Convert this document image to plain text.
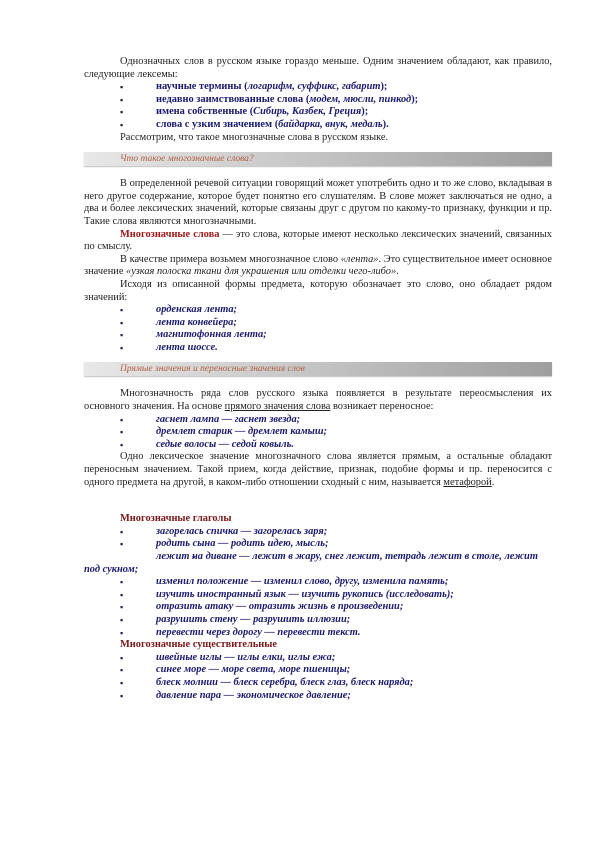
Однозначных слов в русском языке гораздо меньше. Одним значением обладают, как правило, следующие лексемы:

▪ научные термины (логарифм, суффикс, габарит);
▪ недавно заимствованные слова (модем, мюсли, пинкод);
▪ имена собственные (Сибирь, Казбек, Греция);
▪ слова с узким значением (байдарка, внук, медаль).

Рассмотрим, что такое многозначные слова в русском языке.

Что такое многозначные слова?

В определенной речевой ситуации говорящий может употребить одно и то же слово, вкладывая в него другое содержание, которое будет понятно его слушателям. В слове может заключаться не одно, а два и более лексических значений, которые связаны друг с другом по какому-то признаку, функции и пр. Такие слова являются многозначными.

Многозначные слова — это слова, которые имеют несколько лексических значений, связанных по смыслу.

В качестве примера возьмем многозначное слово «лента». Это существительное имеет основное значение «узкая полоска ткани для украшения или отделки чего-либо».

Исходя из описанной формы предмета, которую обозначает это слово, оно обладает рядом значений:

▪ орденская лента;
▪ лента конвейера;
▪ магнитофонная лента;
▪ лента шоссе.
Прямые значения и переносные значения слов

Многозначность ряда слов русского языка появляется в результате переосмысления их основного значения. На основе прямого значения слова возникает переносное:

▪ гаснет лампа — гаснет звезда;
▪ дремлет старик — дремлет камыш;
▪ седые волосы — седой ковыль.

Одно лексическое значение многозначного слова является прямым, а остальные обладают переносным значением. Такой прием, когда действие, признак, подобие формы и пр. переносится с одного предмета на другой, в каком-либо отношении сходный с ним, называется метафорой.

Многозначные глаголы

▪ загорелась спичка — загорелась заря;
▪ родить сына — родить идею, мысль;
▪ лежит на диване — лежит в жару, снег лежит, тетрадь лежит в столе, лежит под сукном;
▪ изменил положение — изменил слово, другу, изменила память;
▪ изучить иностранный язык — изучить рукопись (исследовать);
▪ отразить атаку — отразить жизнь в произведении;
▪ разрушить стену — разрушить иллюзии;
▪ перевести через дорогу — перевести текст.

Многозначные существительные

▪ швейные иглы — иглы елки, иглы ежа;
▪ синее море — море света, море пшеницы;
▪ блеск молнии — блеск серебра, блеск глаз, блеск наряда;
▪ давление пара — экономическое давление;
